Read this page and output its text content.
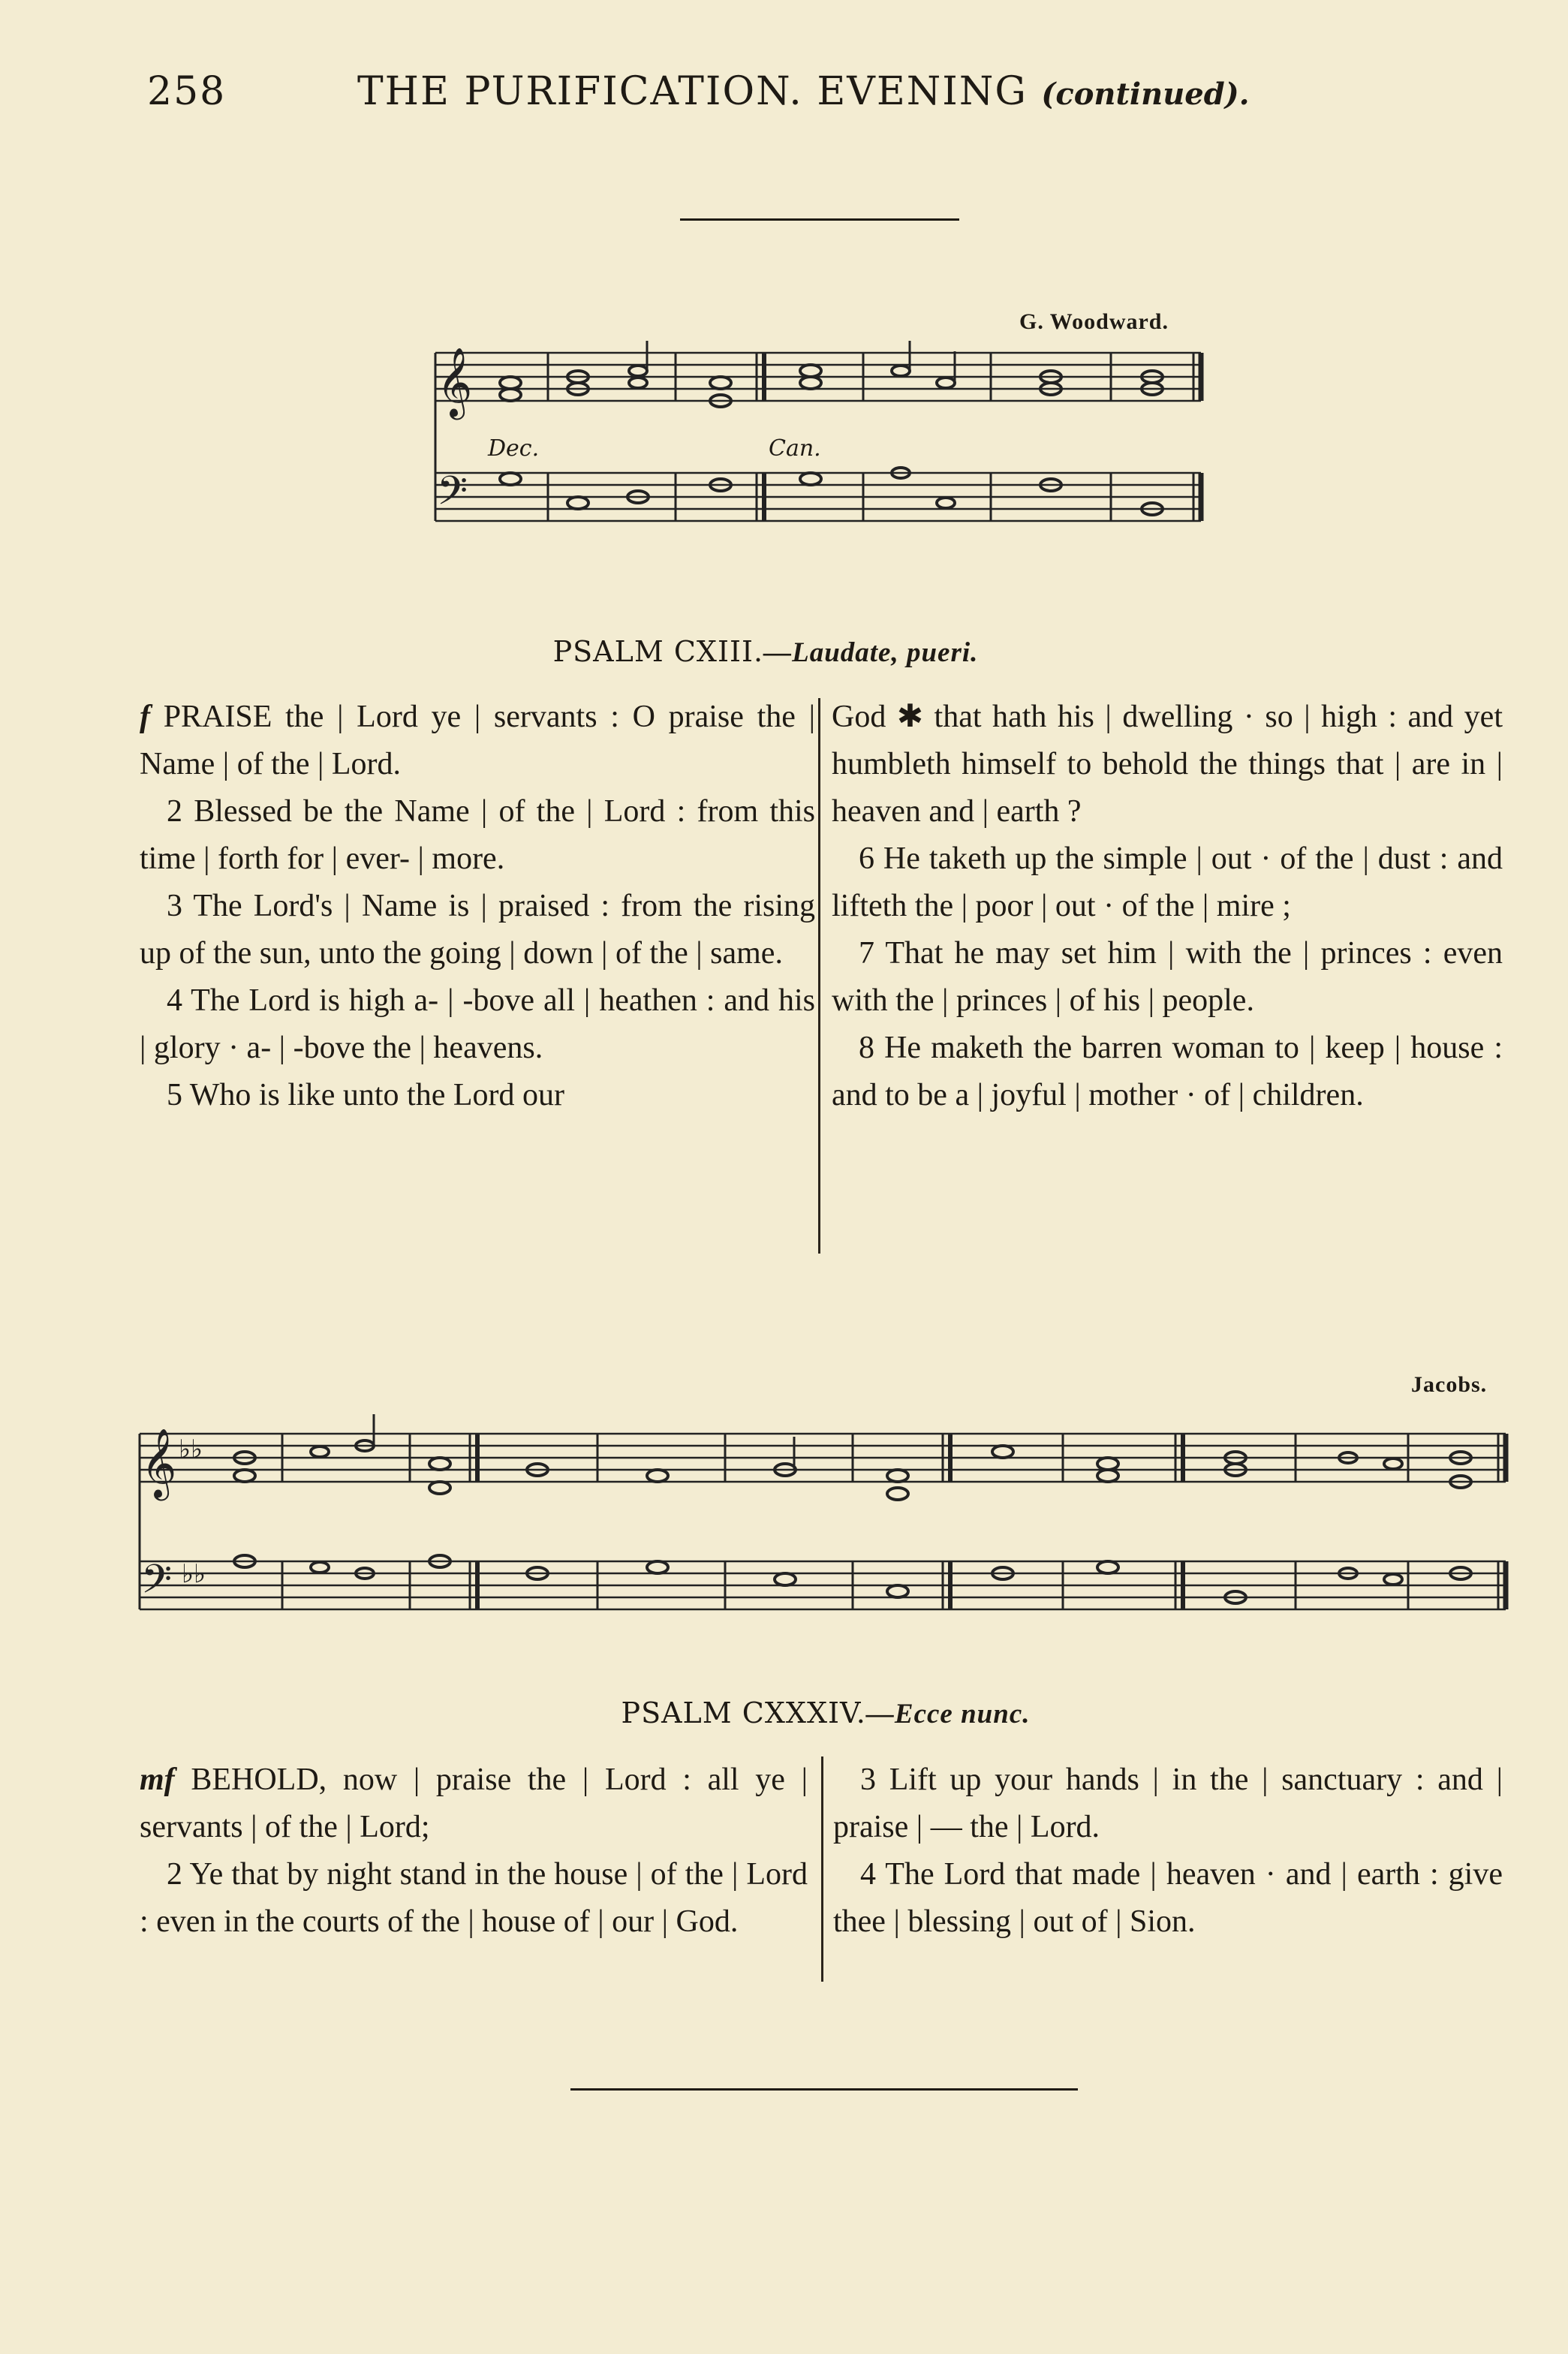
258	THE PURIFICATION. EVENING (continued).
G. Woodward.
𝄞
𝄢
Dec.	Can.
PSALM CXIII.—Laudate, pueri.

f PRAISE the | Lord ye | servants : O praise the | Name | of the | Lord.

2 Blessed be the Name | of the | Lord : from this time | forth for | ever- | more.

3 The Lord's | Name is | praised : from the rising up of the sun, unto the going | down | of the | same.

4 The Lord is high a- | -bove all | heathen : and his | glory · a- | -bove the | heavens.

5 Who is like unto the Lord our

God ✱ that hath his | dwelling · so | high : and yet humbleth himself to behold the things that | are in | heaven and | earth ?

6 He taketh up the simple | out · of the | dust : and lifteth the | poor | out · of the | mire ;

7 That he may set him | with the | princes : even with the | princes | of his | people.

8 He maketh the barren woman to | keep | house : and to be a | joyful | mother · of | children.

Jacobs.
𝄞 ♭♭
𝄢 ♭♭
PSALM CXXXIV.—Ecce nunc.

mf BEHOLD, now | praise the | Lord : all ye | servants | of the | Lord;

2 Ye that by night stand in the house | of the | Lord : even in the courts of the | house of | our | God.

3 Lift up your hands | in the | sanctuary : and | praise | — the | Lord.

4 The Lord that made | heaven · and | earth : give thee | blessing | out of | Sion.
